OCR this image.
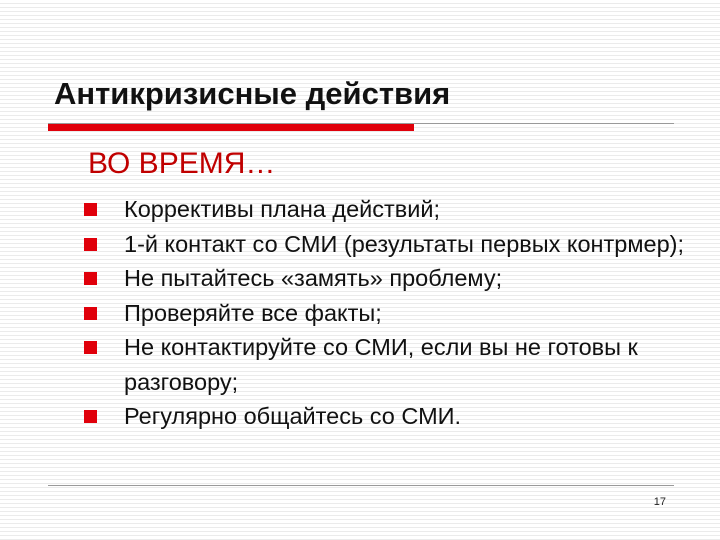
Антикризисные действия
ВО ВРЕМЯ…
Коррективы плана действий;
1-й контакт со СМИ (результаты первых контрмер);
Не пытайтесь «замять» проблему;
Проверяйте все факты;
Не контактируйте со СМИ, если вы не готовы к разговору;
Регулярно общайтесь со СМИ.
17
